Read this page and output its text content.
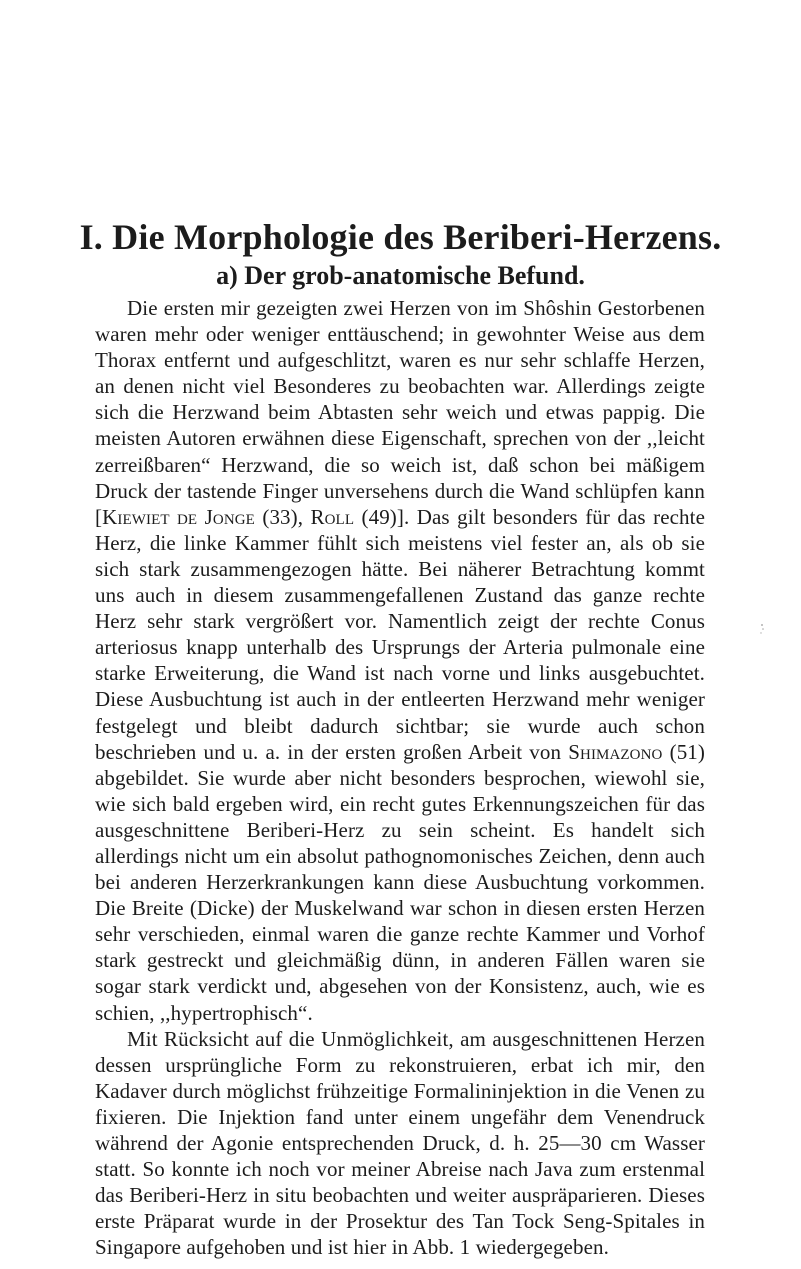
I. Die Morphologie des Beriberi-Herzens.
a) Der grob-anatomische Befund.

Die ersten mir gezeigten zwei Herzen von im Shôshin Gestorbenen waren mehr oder weniger enttäuschend; in gewohnter Weise aus dem Thorax entfernt und aufgeschlitzt, waren es nur sehr schlaffe Herzen, an denen nicht viel Besonderes zu beobachten war. Allerdings zeigte sich die Herzwand beim Abtasten sehr weich und etwas pappig. Die meisten Autoren erwähnen diese Eigenschaft, sprechen von der ,,leicht zerreißbaren“ Herzwand, die so weich ist, daß schon bei mäßigem Druck der tastende Finger unversehens durch die Wand schlüpfen kann [Kiewiet de Jonge (33), Roll (49)]. Das gilt besonders für das rechte Herz, die linke Kammer fühlt sich meistens viel fester an, als ob sie sich stark zusammengezogen hätte. Bei näherer Betrachtung kommt uns auch in diesem zusammengefallenen Zustand das ganze rechte Herz sehr stark vergrößert vor. Namentlich zeigt der rechte Conus arteriosus knapp unterhalb des Ursprungs der Arteria pulmonale eine starke Erweiterung, die Wand ist nach vorne und links ausgebuchtet. Diese Ausbuchtung ist auch in der entleerten Herzwand mehr weniger festgelegt und bleibt dadurch sichtbar; sie wurde auch schon beschrieben und u. a. in der ersten großen Arbeit von Shimazono (51) abgebildet. Sie wurde aber nicht besonders besprochen, wiewohl sie, wie sich bald ergeben wird, ein recht gutes Erkennungszeichen für das ausgeschnittene Beriberi-Herz zu sein scheint. Es handelt sich allerdings nicht um ein absolut pathognomonisches Zeichen, denn auch bei anderen Herzerkrankungen kann diese Ausbuchtung vorkommen. Die Breite (Dicke) der Muskelwand war schon in diesen ersten Herzen sehr verschieden, einmal waren die ganze rechte Kammer und Vorhof stark gestreckt und gleichmäßig dünn, in anderen Fällen waren sie sogar stark verdickt und, abgesehen von der Konsistenz, auch, wie es schien, ,,hypertrophisch“.

Mit Rücksicht auf die Unmöglichkeit, am ausgeschnittenen Herzen dessen ursprüngliche Form zu rekonstruieren, erbat ich mir, den Kadaver durch möglichst frühzeitige Formalininjektion in die Venen zu fixieren. Die Injektion fand unter einem ungefähr dem Venendruck während der Agonie entsprechenden Druck, d. h. 25—30 cm Wasser statt. So konnte ich noch vor meiner Abreise nach Java zum erstenmal das Beriberi-Herz in situ beobachten und weiter auspräparieren. Dieses erste Präparat wurde in der Prosektur des Tan Tock Seng-Spitales in Singapore aufgehoben und ist hier in Abb. 1 wiedergegeben.
